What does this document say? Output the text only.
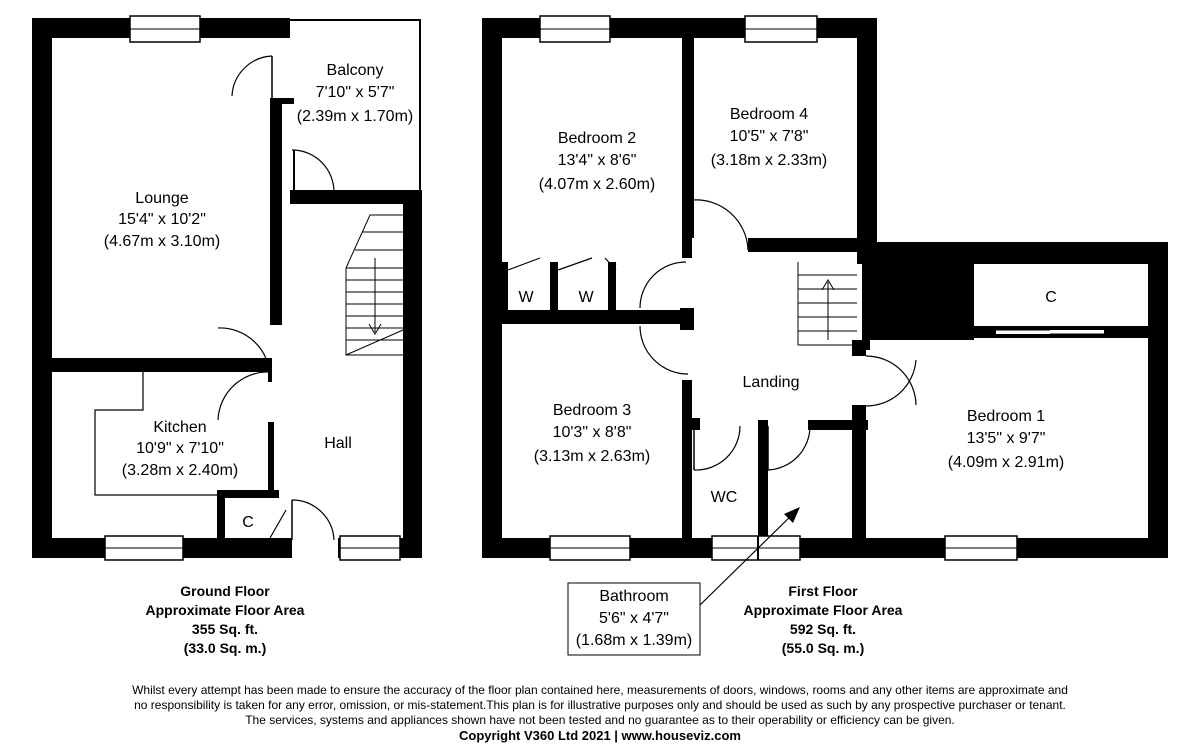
Lounge
15'4" x 10'2"
(4.67m x 3.10m)
Balcony
7'10" x 5'7"
(2.39m x 1.70m)
Kitchen
10'9" x 7'10"
(3.28m x 2.40m)
Hall
C
Bedroom 2
13'4" x 8'6"
(4.07m x 2.60m)
Bedroom 4
10'5" x 7'8"
(3.18m x 2.33m)
Bedroom 3
10'3" x 8'8"
(3.13m x 2.63m)
Bedroom 1
13'5" x 9'7"
(4.09m x 2.91m)
Landing
WC
W	W	C
Bathroom
5'6" x 4'7"
(1.68m x 1.39m)
Ground Floor
Approximate Floor Area
355 Sq. ft.
(33.0 Sq. m.)
First Floor
Approximate Floor Area
592 Sq. ft.
(55.0 Sq. m.)
Whilst every attempt has been made to ensure the accuracy of the floor plan contained here, measurements of doors, windows, rooms and any other items are approximate and
no responsibility is taken for any error, omission, or mis-statement.This plan is for illustrative purposes only and should be used as such by any prospective purchaser or tenant.
The services, systems and appliances shown have not been tested and no guarantee as to their operability or efficiency can be given.
Copyright V360 Ltd 2021 | www.houseviz.com
